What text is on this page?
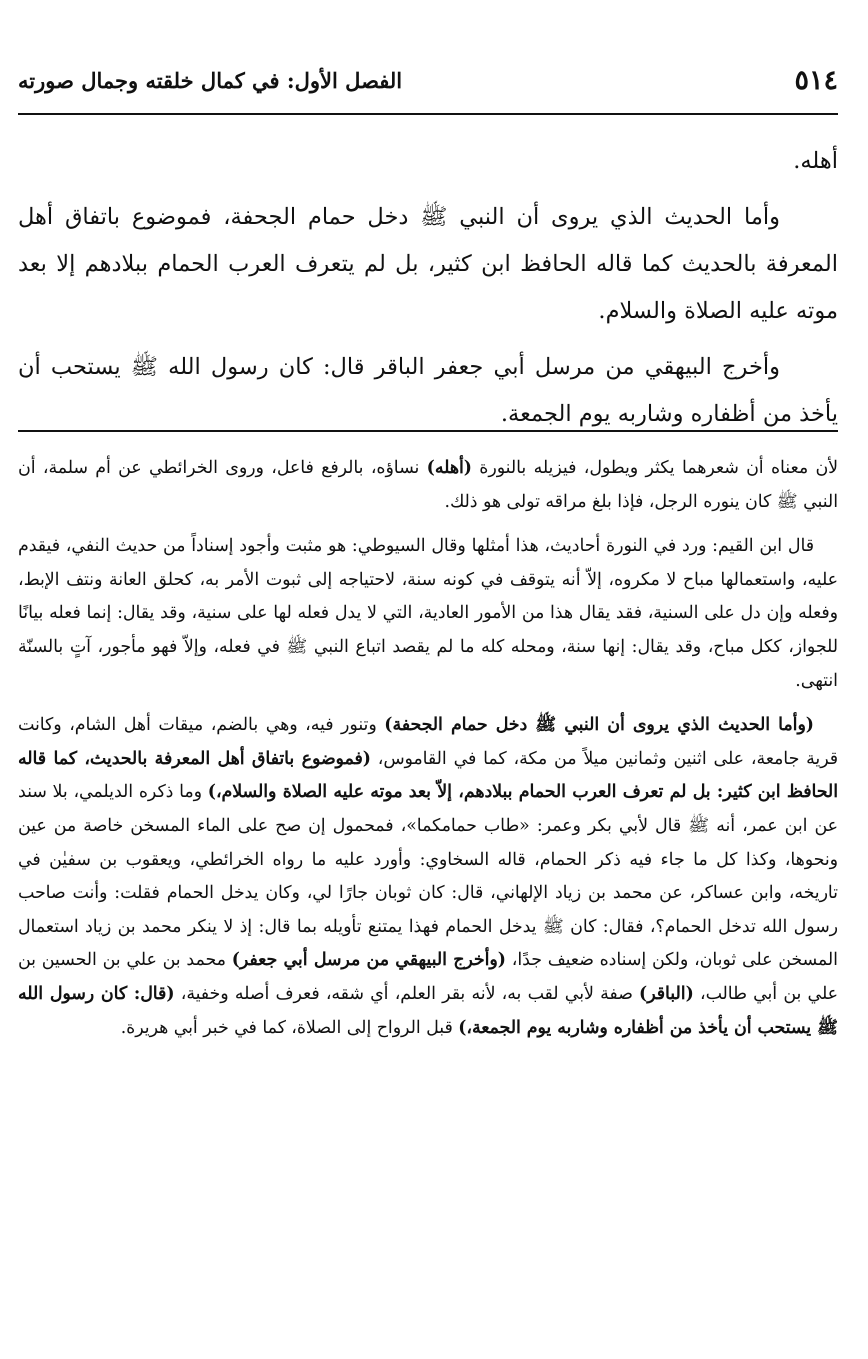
٥١٤
الفصل الأول: في كمال خلقته وجمال صورته

أهله.

وأما الحديث الذي يروى أن النبي ﷺ دخل حمام الجحفة، فموضوع باتفاق أهل المعرفة بالحديث كما قاله الحافظ ابن كثير، بل لم يتعرف العرب الحمام ببلادهم إلا بعد موته عليه الصلاة والسلام.

وأخرج البيهقي من مرسل أبي جعفر الباقر قال: كان رسول الله ﷺ يستحب أن يأخذ من أظفاره وشاربه يوم الجمعة.

لأن معناه أن شعرهما يكثر ويطول، فيزيله بالنورة (أهله) نساؤه، بالرفع فاعل، وروى الخرائطي عن أم سلمة، أن النبي ﷺ كان ينوره الرجل، فإذا بلغ مراقه تولى هو ذلك.

قال ابن القيم: ورد في النورة أحاديث، هذا أمثلها وقال السيوطي: هو مثبت وأجود إسناداً من حديث النفي، فيقدم عليه، واستعمالها مباح لا مكروه، إلاّ أنه يتوقف في كونه سنة، لاحتياجه إلى ثبوت الأمر به، كحلق العانة ونتف الإبط، وفعله وإن دل على السنية، فقد يقال هذا من الأمور العادية، التي لا يدل فعله لها على سنية، وقد يقال: إنما فعله بيانًا للجواز، ككل مباح، وقد يقال: إنها سنة، ومحله كله ما لم يقصد اتباع النبي ﷺ في فعله، وإلاّ فهو مأجور، آتٍ بالسنّة انتهى.

(وأما الحديث الذي يروى أن النبي ﷺ دخل حمام الجحفة) وتنور فيه، وهي بالضم، ميقات أهل الشام، وكانت قرية جامعة، على اثنين وثمانين ميلاً من مكة، كما في القاموس، (فموضوع باتفاق أهل المعرفة بالحديث، كما قاله الحافظ ابن كثير: بل لم تعرف العرب الحمام ببلادهم، إلاّ بعد موته عليه الصلاة والسلام،) وما ذكره الديلمي، بلا سند عن ابن عمر، أنه ﷺ قال لأبي بكر وعمر: «طاب حمامكما»، فمحمول إن صح على الماء المسخن خاصة من عين ونحوها، وكذا كل ما جاء فيه ذكر الحمام، قاله السخاوي: وأورد عليه ما رواه الخرائطي، ويعقوب بن سفيٰن في تاريخه، وابن عساكر، عن محمد بن زياد الإلهاني، قال: كان ثوبان جارًا لي، وكان يدخل الحمام فقلت: وأنت صاحب رسول الله تدخل الحمام؟، فقال: كان ﷺ يدخل الحمام فهذا يمتنع تأويله بما قال: إذ لا ينكر محمد بن زياد استعمال المسخن على ثوبان، ولكن إسناده ضعيف جدًا، (وأخرج البيهقي من مرسل أبي جعفر) محمد بن علي بن الحسين بن علي بن أبي طالب، (الباقر) صفة لأبي لقب به، لأنه بقر العلم، أي شقه، فعرف أصله وخفية، (قال: كان رسول الله ﷺ يستحب أن يأخذ من أظفاره وشاربه يوم الجمعة،) قبل الرواح إلى الصلاة، كما في خبر أبي هريرة.
